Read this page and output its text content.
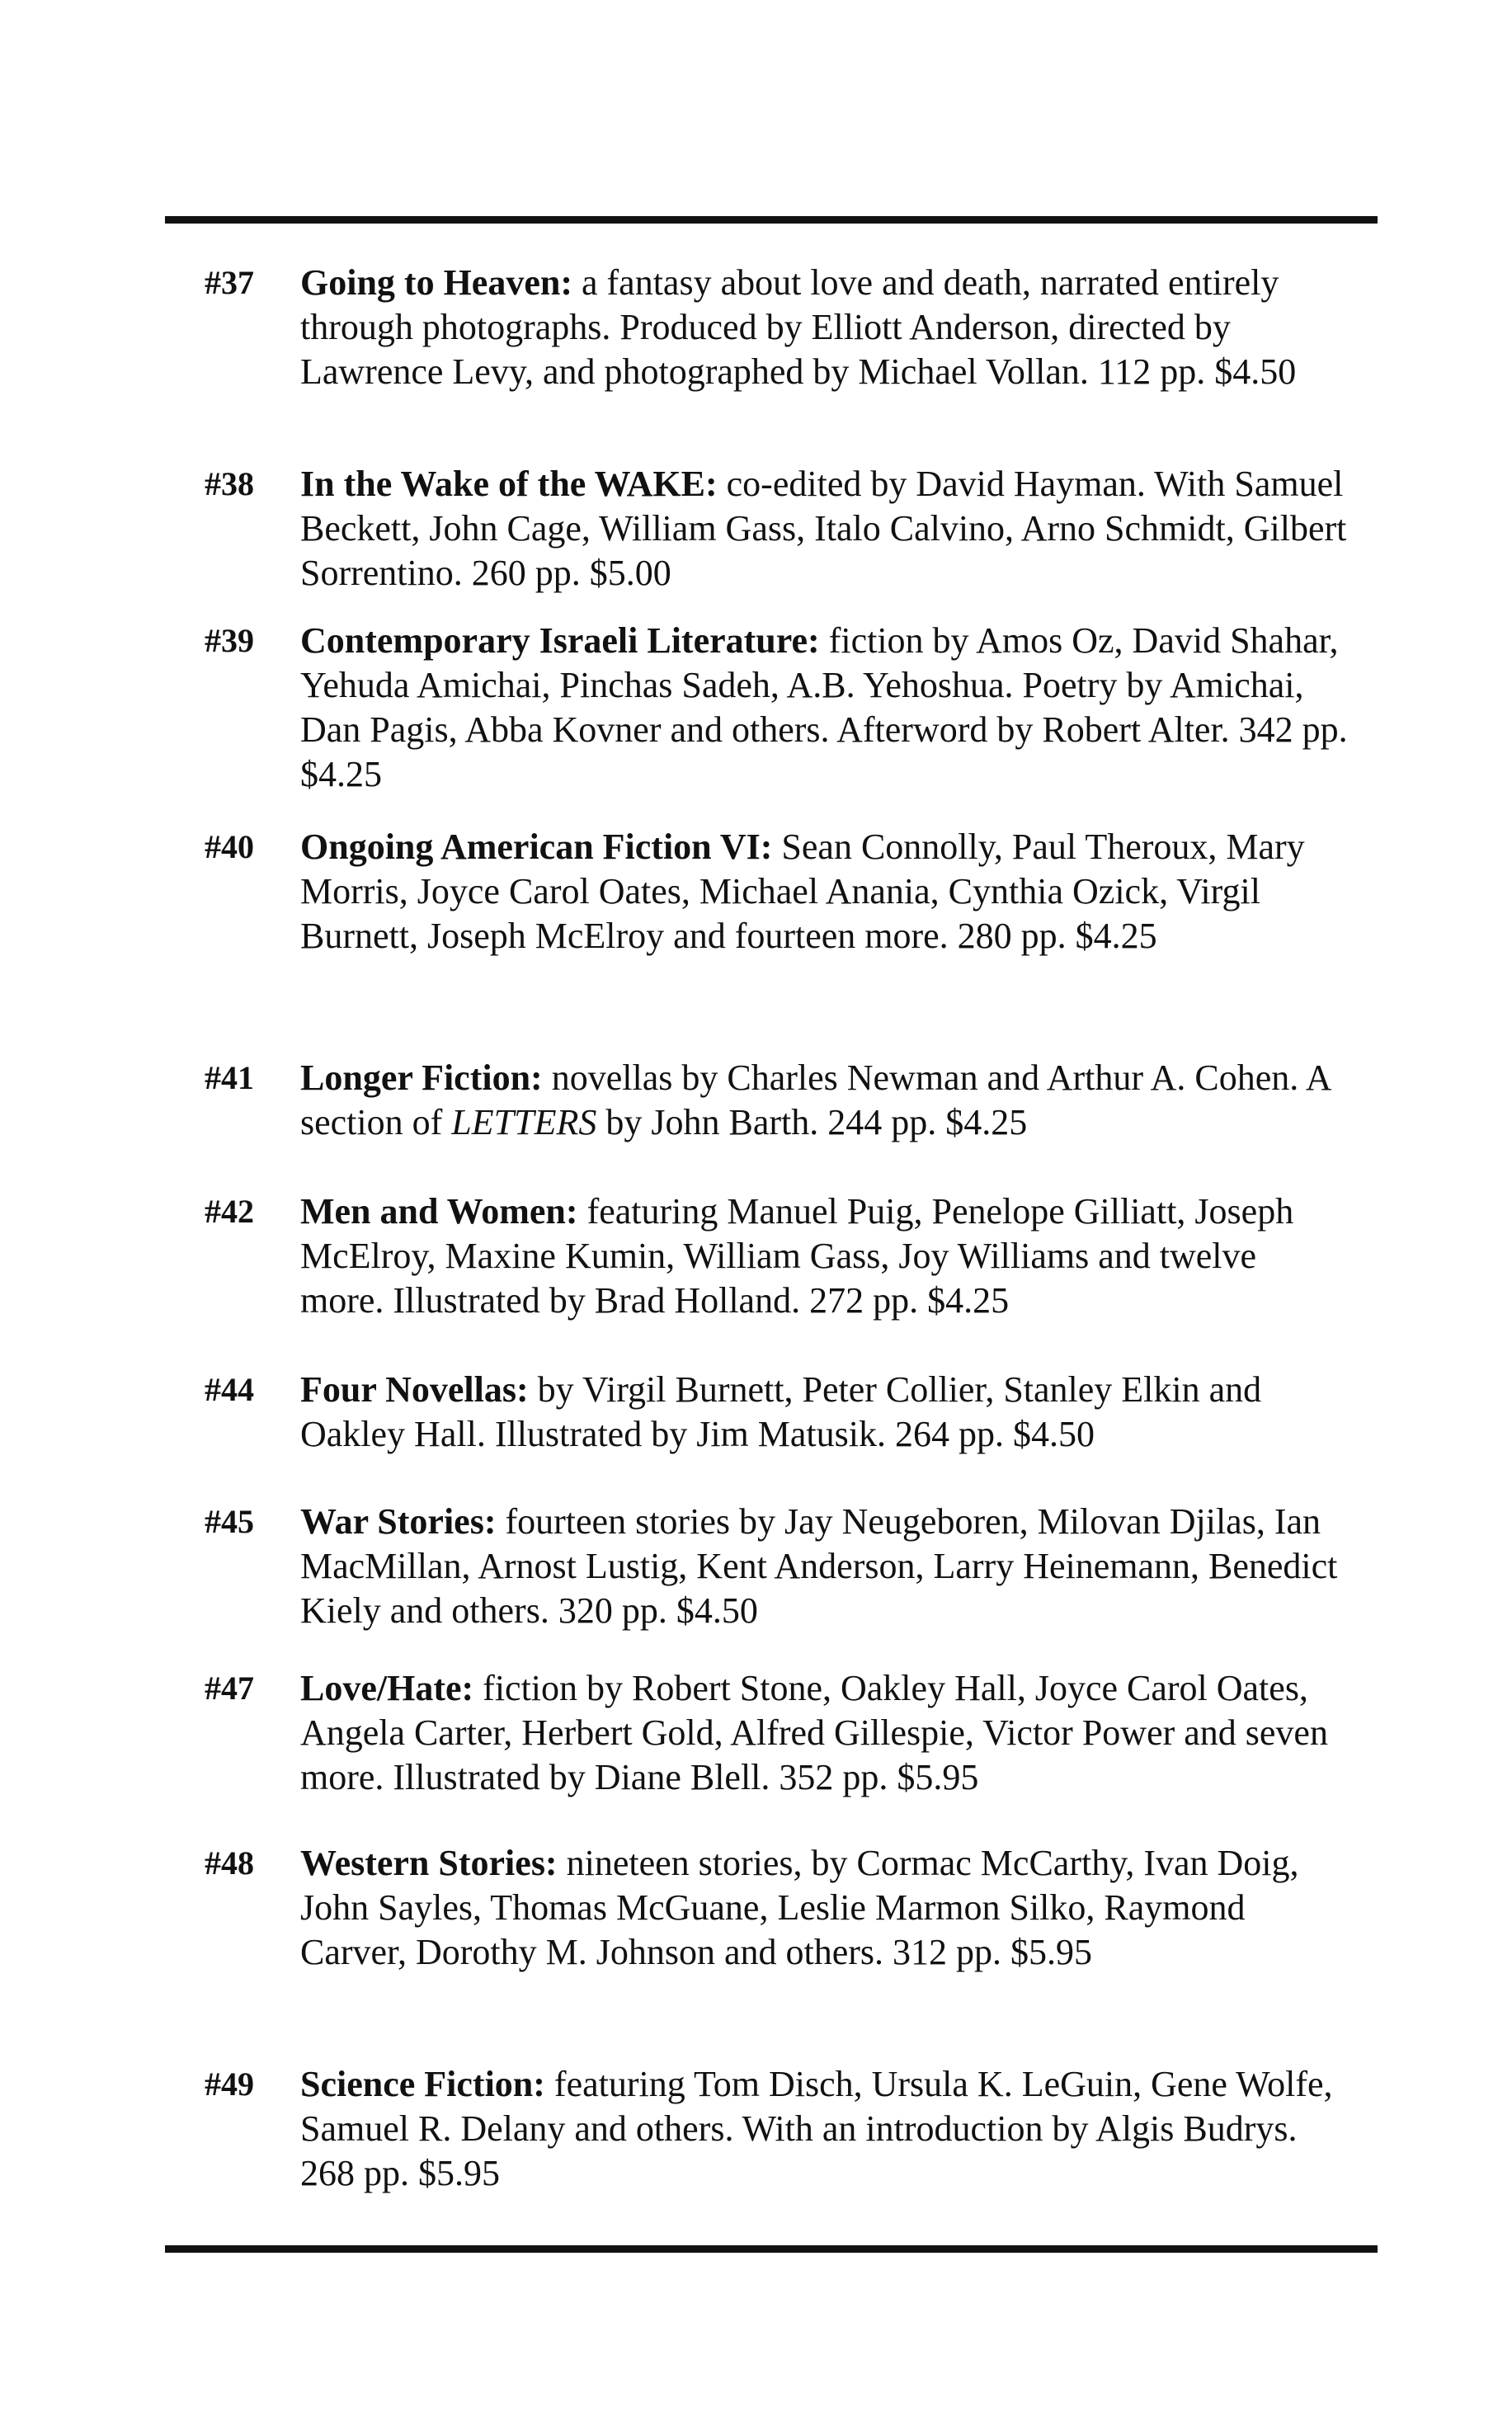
#37 Going to Heaven: a fantasy about love and death, narrated entirely through photographs. Produced by Elliott Anderson, directed by Lawrence Levy, and photographed by Michael Vollan. 112 pp. $4.50

#38 In the Wake of the WAKE: co-edited by David Hayman. With Samuel Beckett, John Cage, William Gass, Italo Calvino, Arno Schmidt, Gilbert Sorrentino. 260 pp. $5.00

#39 Contemporary Israeli Literature: fiction by Amos Oz, David Shahar, Yehuda Amichai, Pinchas Sadeh, A.B. Yehoshua. Poetry by Amichai, Dan Pagis, Abba Kovner and others. Afterword by Robert Alter. 342 pp. $4.25

#40 Ongoing American Fiction VI: Sean Connolly, Paul Theroux, Mary Morris, Joyce Carol Oates, Michael Anania, Cynthia Ozick, Virgil Burnett, Joseph McElroy and fourteen more. 280 pp. $4.25

#41 Longer Fiction: novellas by Charles Newman and Arthur A. Cohen. A section of LETTERS by John Barth. 244 pp. $4.25

#42 Men and Women: featuring Manuel Puig, Penelope Gilliatt, Joseph McElroy, Maxine Kumin, William Gass, Joy Williams and twelve more. Illustrated by Brad Holland. 272 pp. $4.25

#44 Four Novellas: by Virgil Burnett, Peter Collier, Stanley Elkin and Oakley Hall. Illustrated by Jim Matusik. 264 pp. $4.50

#45 War Stories: fourteen stories by Jay Neugeboren, Milovan Djilas, Ian MacMillan, Arnost Lustig, Kent Anderson, Larry Heinemann, Benedict Kiely and others. 320 pp. $4.50

#47 Love/Hate: fiction by Robert Stone, Oakley Hall, Joyce Carol Oates, Angela Carter, Herbert Gold, Alfred Gillespie, Victor Power and seven more. Illustrated by Diane Blell. 352 pp. $5.95

#48 Western Stories: nineteen stories, by Cormac McCarthy, Ivan Doig, John Sayles, Thomas McGuane, Leslie Marmon Silko, Raymond Carver, Dorothy M. Johnson and others. 312 pp. $5.95

#49 Science Fiction: featuring Tom Disch, Ursula K. LeGuin, Gene Wolfe, Samuel R. Delany and others. With an introduction by Algis Budrys. 268 pp. $5.95
